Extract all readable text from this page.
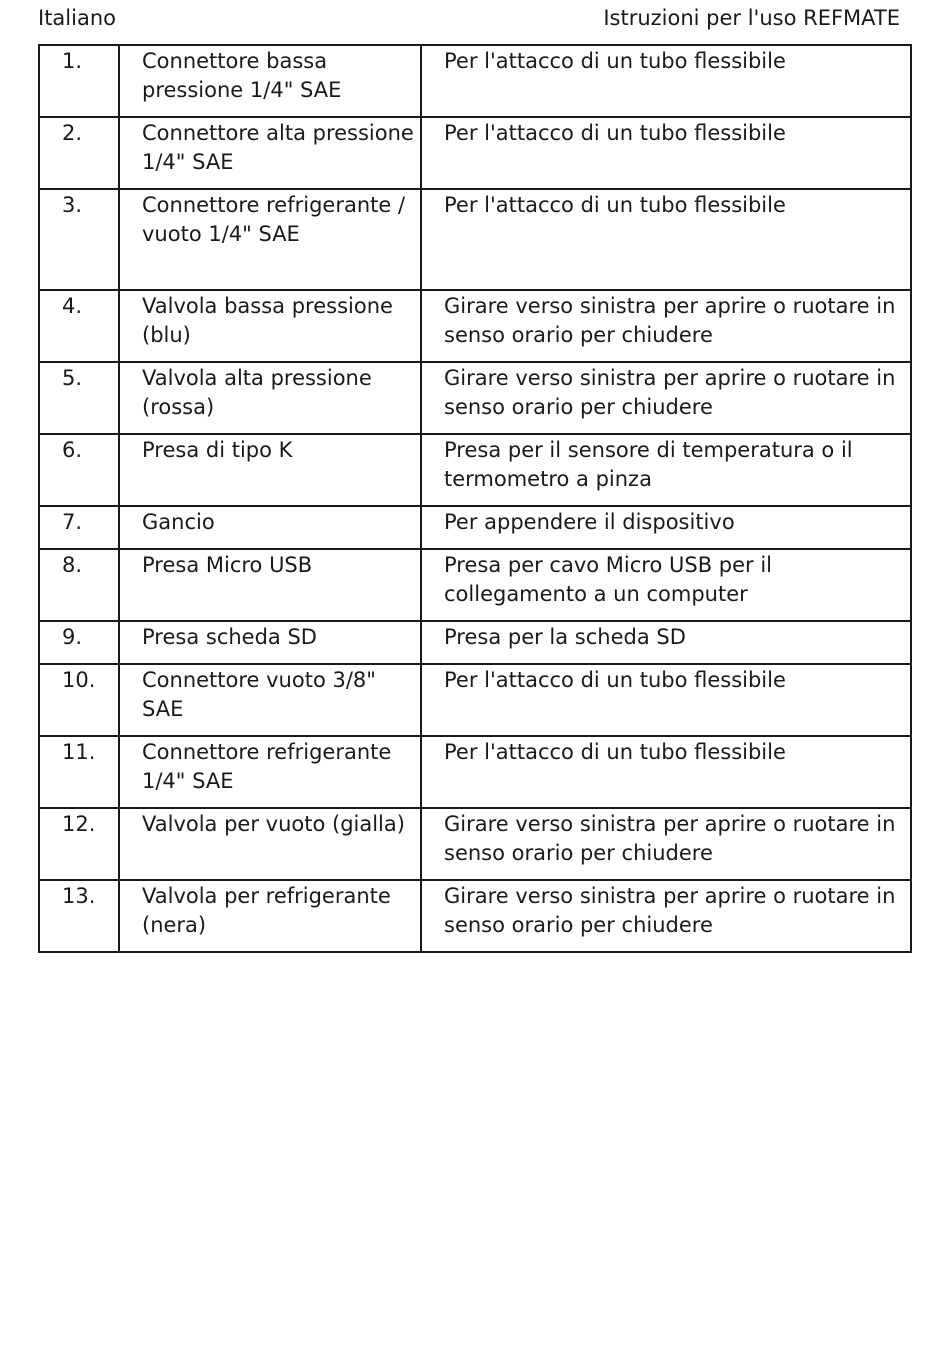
Italiano	Istruzioni per l'uso REFMATE
1.	Connettore bassa pressione 1/4" SAE	Per l'attacco di un tubo flessibile
2.	Connettore alta pressione 1/4" SAE	Per l'attacco di un tubo flessibile
3.	Connettore refrigerante / vuoto 1/4" SAE	Per l'attacco di un tubo flessibile
4.	Valvola bassa pressione (blu)	Girare verso sinistra per aprire o ruotare in senso orario per chiudere
5.	Valvola alta pressione (rossa)	Girare verso sinistra per aprire o ruotare in senso orario per chiudere
6.	Presa di tipo K	Presa per il sensore di temperatura o il termometro a pinza
7.	Gancio	Per appendere il dispositivo
8.	Presa Micro USB	Presa per cavo Micro USB per il collegamento a un computer
9.	Presa scheda SD	Presa per la scheda SD
10.	Connettore vuoto 3/8" SAE	Per l'attacco di un tubo flessibile
11.	Connettore refrigerante 1/4" SAE	Per l'attacco di un tubo flessibile
12.	Valvola per vuoto (gialla)	Girare verso sinistra per aprire o ruotare in senso orario per chiudere
13.	Valvola per refrigerante (nera)	Girare verso sinistra per aprire o ruotare in senso orario per chiudere
